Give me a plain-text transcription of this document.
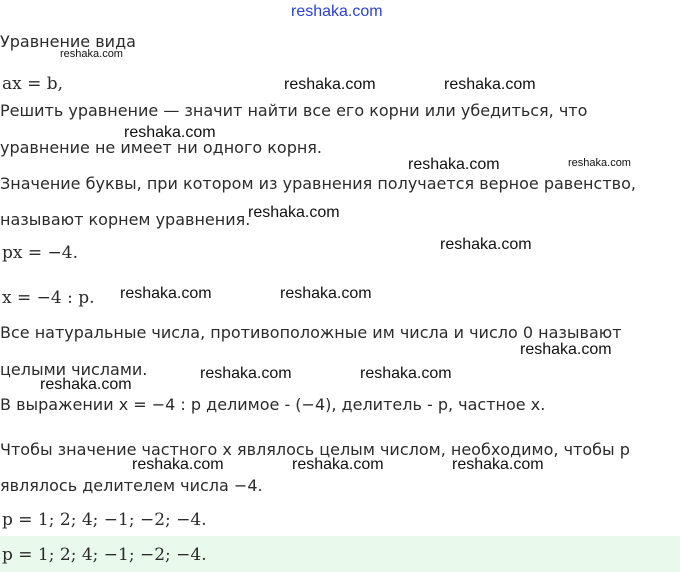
reshaka.com
reshaka.com
reshaka.com	reshaka.com
reshaka.com
reshaka.com	reshaka.com
reshaka.com
reshaka.com
reshaka.com	reshaka.com
reshaka.com
reshaka.com
reshaka.com	reshaka.com
reshaka.com	reshaka.com	reshaka.com
Уравнение вида
ax = b,
Решить уравнение — значит найти все его корни или убедиться, что
уравнение не имеет ни одного корня.
Значение буквы, при котором из уравнения получается верное равенство,
называют корнем уравнения.
px = −4.
x = −4 : p.
Все натуральные числа, противоположные им числа и число 0 называют
целыми числами.
В выражении x = −4 : p делимое - (−4), делитель - p, частное x.
Чтобы значение частного x являлось целым числом, необходимо, чтобы p
являлось делителем числа −4.
p = 1; 2; 4; −1; −2; −4.
p = 1; 2; 4; −1; −2; −4.
